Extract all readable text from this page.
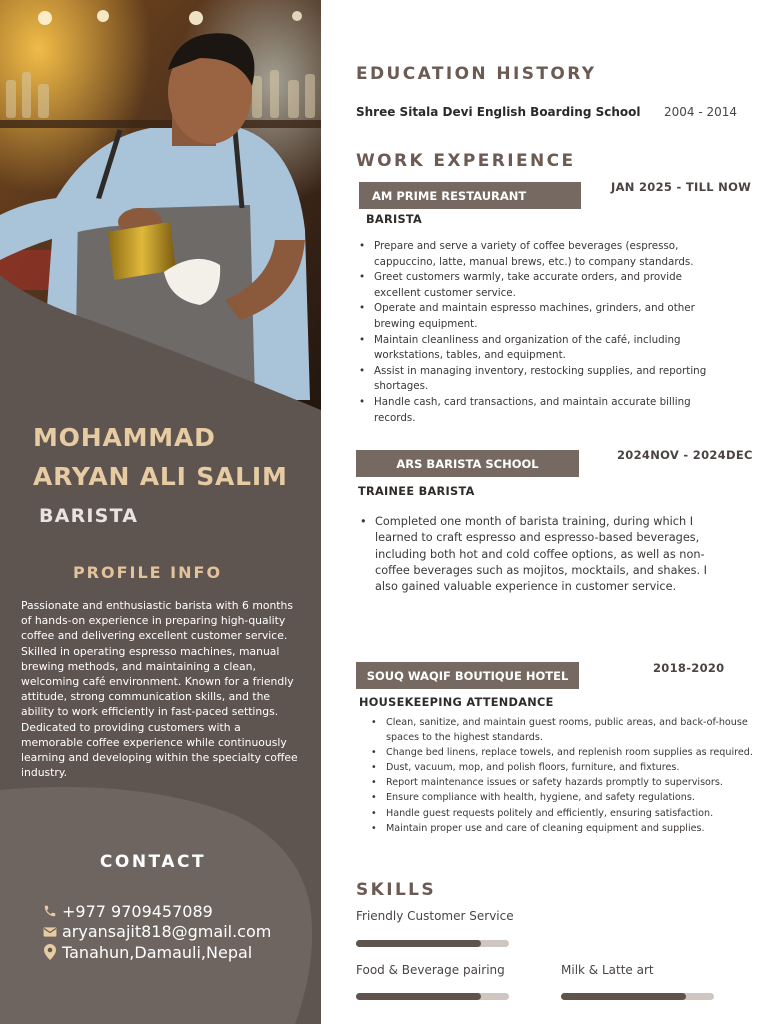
MOHAMMAD
ARYAN ALI SALIM
BARISTA
PROFILE INFO

Passionate and enthusiastic barista with 6 months of hands-on experience in preparing high-quality coffee and delivering excellent customer service. Skilled in operating espresso machines, manual brewing methods, and maintaining a clean, welcoming café environment. Known for a friendly attitude, strong communication skills, and the ability to work efficiently in fast-paced settings. Dedicated to providing customers with a memorable coffee experience while continuously learning and developing within the specialty coffee industry.

CONTACT
+977 9709457089
aryansajit818@gmail.com
Tanahun,Damauli,Nepal
EDUCATION HISTORY
Shree Sitala Devi English Boarding School 2004 - 2014
WORK EXPERIENCE
AM PRIME RESTAURANT
JAN 2025 - TILL NOW
BARISTA
• Prepare and serve a variety of coffee beverages (espresso, cappuccino, latte, manual brews, etc.) to company standards.
• Greet customers warmly, take accurate orders, and provide excellent customer service.
• Operate and maintain espresso machines, grinders, and other brewing equipment.
• Maintain cleanliness and organization of the café, including workstations, tables, and equipment.
• Assist in managing inventory, restocking supplies, and reporting shortages.
• Handle cash, card transactions, and maintain accurate billing records.
ARS BARISTA SCHOOL
2024NOV - 2024DEC
TRAINEE BARISTA
• Completed one month of barista training, during which I learned to craft espresso and espresso-based beverages, including both hot and cold coffee options, as well as non-coffee beverages such as mojitos, mocktails, and shakes. I also gained valuable experience in customer service.
SOUQ WAQIF BOUTIQUE HOTEL
2018-2020
HOUSEKEEPING ATTENDANCE
• Clean, sanitize, and maintain guest rooms, public areas, and back-of-house spaces to the highest standards.
• Change bed linens, replace towels, and replenish room supplies as required.
• Dust, vacuum, mop, and polish floors, furniture, and fixtures.
• Report maintenance issues or safety hazards promptly to supervisors.
• Ensure compliance with health, hygiene, and safety regulations.
• Handle guest requests politely and efficiently, ensuring satisfaction.
• Maintain proper use and care of cleaning equipment and supplies.
SKILLS
Friendly Customer Service
Food & Beverage pairing	Milk & Latte art
